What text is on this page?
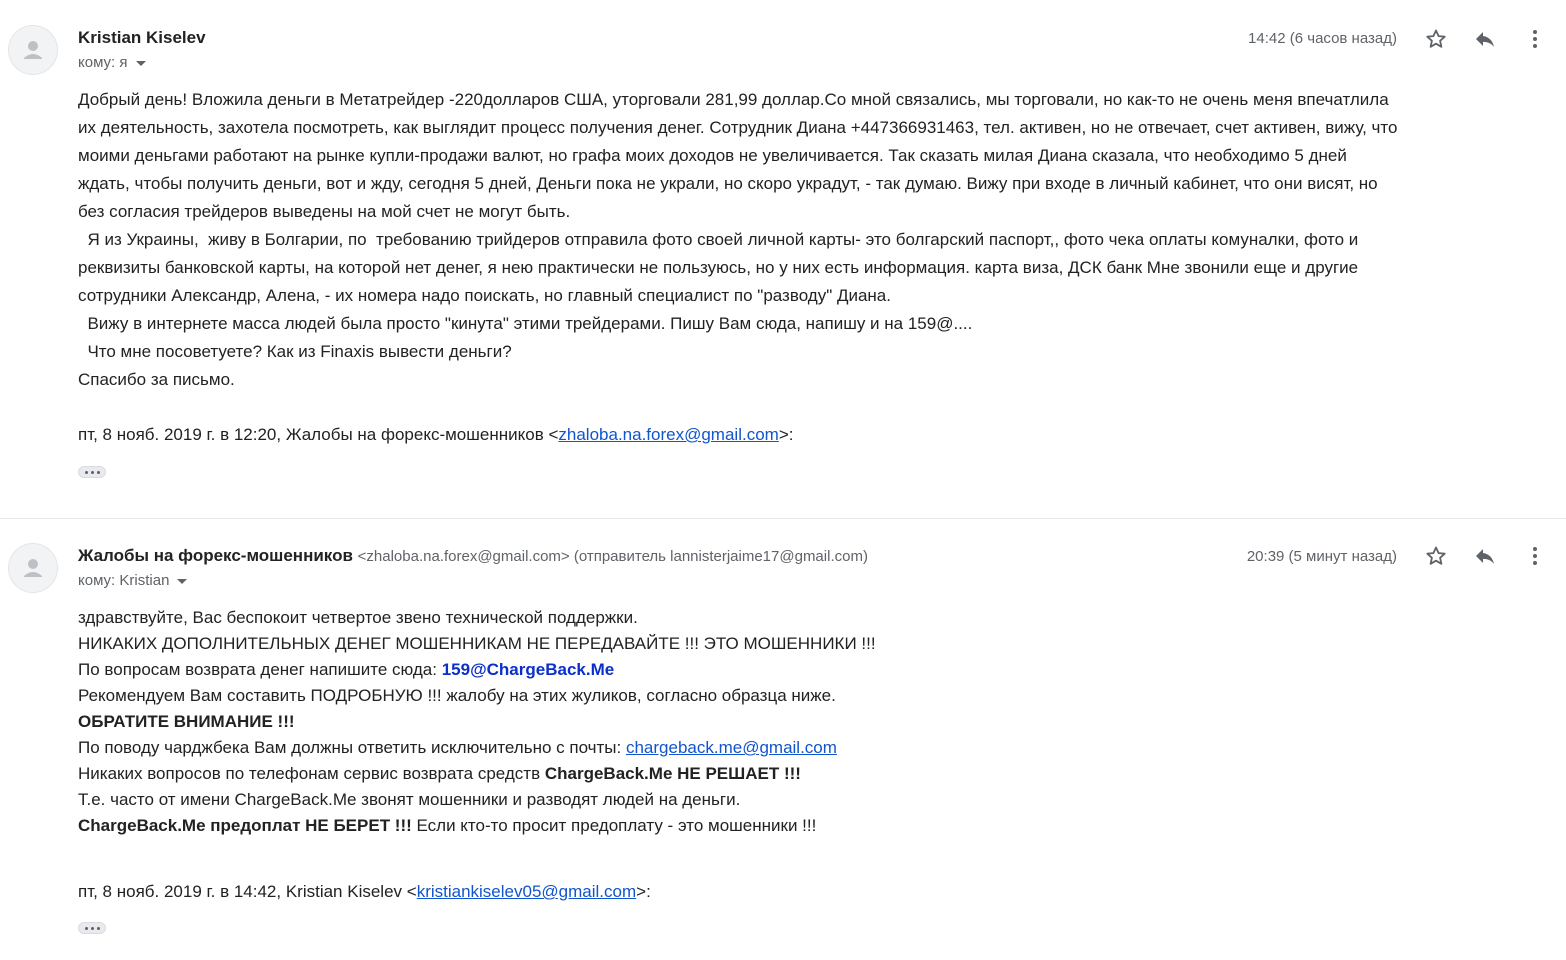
Kristian Kiselev
кому: я
14:42 (6 часов назад)

Добрый день! Вложила деньги в Метатрейдер -220долларов США, уторговали 281,99 доллар.Со мной связались, мы торговали, но как-то не очень меня впечатлила

их деятельность, захотела посмотреть, как выглядит процесс получения денег. Сотрудник Диана +447366931463, тел. активен, но не отвечает, счет активен, вижу, что

моими деньгами работают на рынке купли-продажи валют, но графа моих доходов не увеличивается. Так сказать милая Диана сказала, что необходимо 5 дней

ждать, чтобы получить деньги, вот и жду, сегодня 5 дней, Деньги пока не украли, но скоро украдут, - так думаю. Вижу при входе в личный кабинет, что они висят, но

без согласия трейдеров выведены на мой счет не могут быть.

Я из Украины,  живу в Болгарии, по  требованию трийдеров отправила фото своей личной карты- это болгарский паспорт,, фото чека оплаты комуналки, фото и

реквизиты банковской карты, на которой нет денег, я нею практически не пользуюсь, но у них есть информация. карта виза, ДСК банк Мне звонили еще и другие

сотрудники Александр, Алена, - их номера надо поискать, но главный специалист по "разводу" Диана.

Вижу в интернете масса людей была просто "кинута" этими трейдерами. Пишу Вам сюда, напишу и на 159@....

Что мне посоветуете? Как из Finaxis вывести деньги?

Спасибо за письмо.

пт, 8 нояб. 2019 г. в 12:20, Жалобы на форекс-мошенников <zhaloba.na.forex@gmail.com>:
Жалобы на форекс-мошенников <zhaloba.na.forex@gmail.com> (отправитель lannisterjaime17@gmail.com)
кому: Kristian
20:39 (5 минут назад)

здравствуйте, Вас беспокоит четвертое звено технической поддержки.

НИКАКИХ ДОПОЛНИТЕЛЬНЫХ ДЕНЕГ МОШЕННИКАМ НЕ ПЕРЕДАВАЙТЕ !!! ЭТО МОШЕННИКИ !!!

По вопросам возврата денег напишите сюда: 159@ChargeBack.Me

Рекомендуем Вам составить ПОДРОБНУЮ !!! жалобу на этих жуликов, согласно образца ниже.

ОБРАТИТЕ ВНИМАНИЕ !!!

По поводу чарджбека Вам должны ответить исключительно с почты: chargeback.me@gmail.com

Никаких вопросов по телефонам сервис возврата средств ChargeBack.Me НЕ РЕШАЕТ !!!

Т.е. часто от имени ChargeBack.Me звонят мошенники и разводят людей на деньги.

ChargeBack.Me предоплат НЕ БЕРЕТ !!! Если кто-то просит предоплату - это мошенники !!!

пт, 8 нояб. 2019 г. в 14:42, Kristian Kiselev <kristiankiselev05@gmail.com>:
